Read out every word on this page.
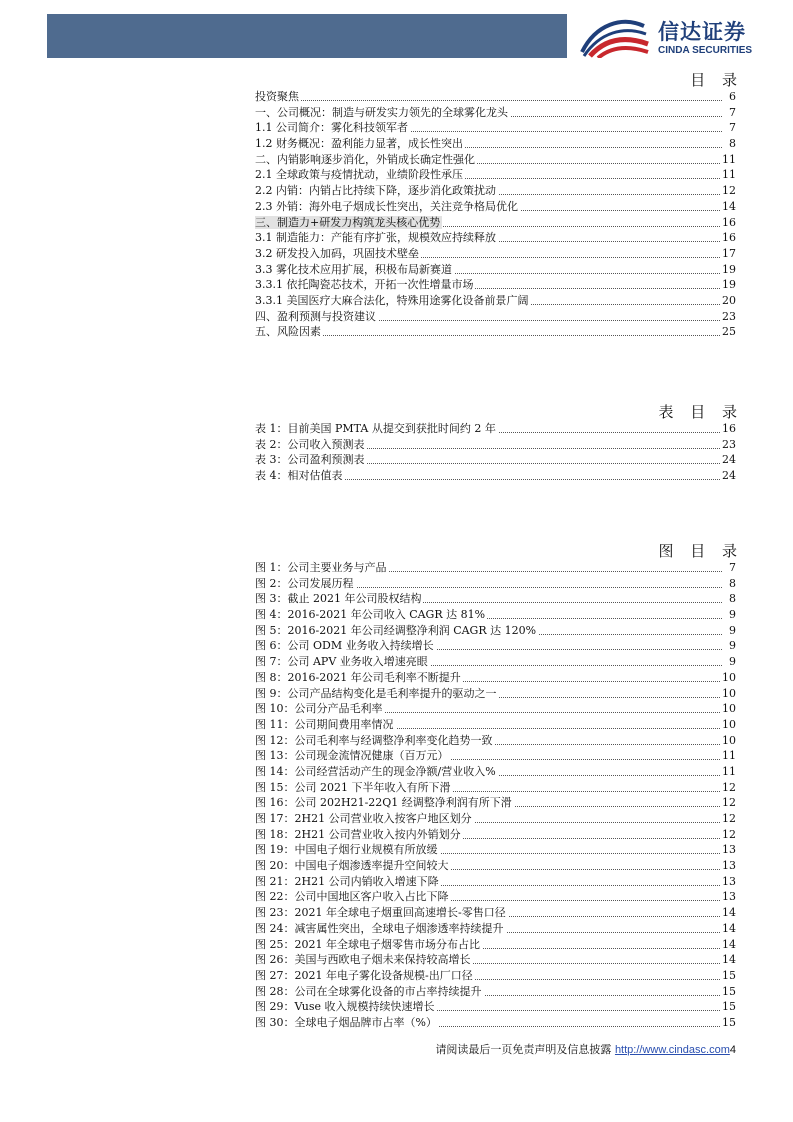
信达证券
CINDA SECURITIES
目 录
投资聚焦	6
一、公司概况：制造与研发实力领先的全球雾化龙头	7
1.1 公司简介：雾化科技领军者	7
1.2 财务概况：盈利能力显著，成长性突出	8
二、内销影响逐步消化，外销成长确定性强化	11
2.1 全球政策与疫情扰动，业绩阶段性承压	11
2.2 内销：内销占比持续下降，逐步消化政策扰动	12
2.3 外销：海外电子烟成长性突出，关注竞争格局优化	14
三、制造力+研发力构筑龙头核心优势	16
3.1 制造能力：产能有序扩张，规模效应持续释放	16
3.2 研发投入加码，巩固技术壁垒	17
3.3 雾化技术应用扩展，积极布局新赛道	19
3.3.1 依托陶瓷芯技术，开拓一次性增量市场	19
3.3.1 美国医疗大麻合法化，特殊用途雾化设备前景广阔	20
四、盈利预测与投资建议	23
五、风险因素	25
表 目 录
表 1：目前美国 PMTA 从提交到获批时间约 2 年	16
表 2：公司收入预测表	23
表 3：公司盈利预测表	24
表 4：相对估值表	24
图 目 录
图 1：公司主要业务与产品	7
图 2：公司发展历程	8
图 3：截止 2021 年公司股权结构	8
图 4：2016-2021 年公司收入 CAGR 达 81%	9
图 5：2016-2021 年公司经调整净利润 CAGR 达 120%	9
图 6：公司 ODM 业务收入持续增长	9
图 7：公司 APV 业务收入增速亮眼	9
图 8：2016-2021 年公司毛利率不断提升	10
图 9：公司产品结构变化是毛利率提升的驱动之一	10
图 10：公司分产品毛利率	10
图 11：公司期间费用率情况	10
图 12：公司毛利率与经调整净利率变化趋势一致	10
图 13：公司现金流情况健康（百万元）	11
图 14：公司经营活动产生的现金净额/营业收入%	11
图 15：公司 2021 下半年收入有所下滑	12
图 16：公司 202H21-22Q1 经调整净利润有所下滑	12
图 17：2H21 公司营业收入按客户地区划分	12
图 18：2H21 公司营业收入按内外销划分	12
图 19：中国电子烟行业规模有所放缓	13
图 20：中国电子烟渗透率提升空间较大	13
图 21：2H21 公司内销收入增速下降	13
图 22：公司中国地区客户收入占比下降	13
图 23：2021 年全球电子烟重回高速增长-零售口径	14
图 24：减害属性突出，全球电子烟渗透率持续提升	14
图 25：2021 年全球电子烟零售市场分布占比	14
图 26：美国与西欧电子烟未来保持较高增长	14
图 27：2021 年电子雾化设备规模-出厂口径	15
图 28：公司在全球雾化设备的市占率持续提升	15
图 29：Vuse 收入规模持续快速增长	15
图 30：全球电子烟品牌市占率（%）	15
请阅读最后一页免责声明及信息披露 http://www.cindasc.com4
